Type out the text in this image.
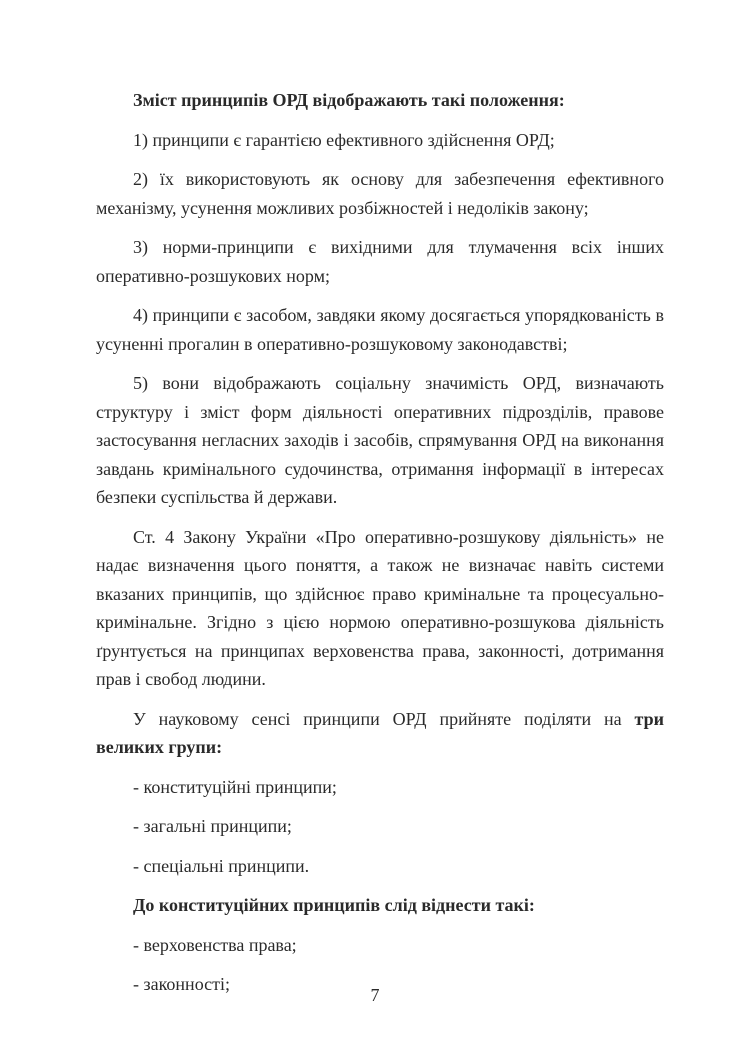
Зміст принципів ОРД відображають такі положення:

1) принципи є гарантією ефективного здійснення ОРД;

2) їх використовують як основу для забезпечення ефективного механізму, усунення можливих розбіжностей і недоліків закону;

3) норми-принципи є вихідними для тлумачення всіх інших оперативно-розшукових норм;

4) принципи є засобом, завдяки якому досягається упорядкованість в усуненні прогалин в оперативно-розшуковому законодавстві;

5) вони відображають соціальну значимість ОРД, визначають структуру і зміст форм діяльності оперативних підрозділів, правове застосування негласних заходів і засобів, спрямування ОРД на виконання завдань кримінального судочинства, отримання інформації в інтересах безпеки суспільства й держави.

Ст. 4 Закону України «Про оперативно-розшукову діяльність» не надає визначення цього поняття, а також не визначає навіть системи вказаних принципів, що здійснює право кримінальне та процесуально-кримінальне. Згідно з цією нормою оперативно-розшукова діяльність ґрунтується на принципах верховенства права, законності, дотримання прав і свобод людини.

У науковому сенсі принципи ОРД прийняте поділяти на три великих групи:

- конституційні принципи;

- загальні принципи;

- спеціальні принципи.

До конституційних принципів слід віднести такі:

- верховенства права;

- законності;

7
